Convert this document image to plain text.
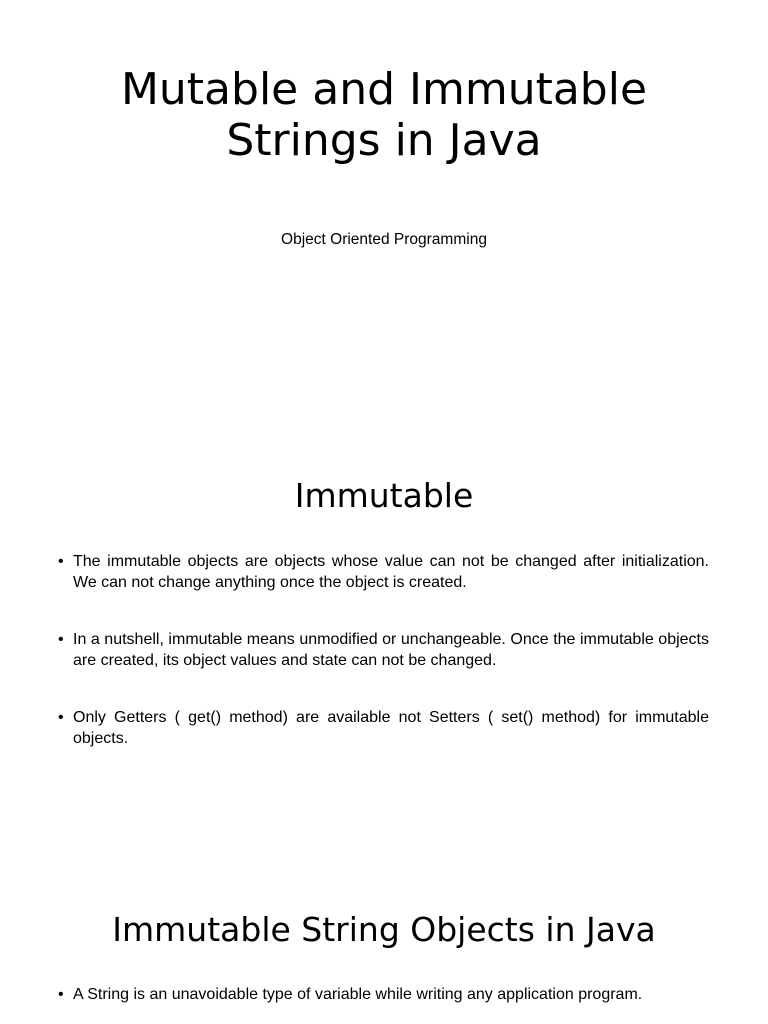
Mutable and Immutable Strings in Java

Object Oriented Programming

Immutable
• The immutable objects are objects whose value can not be changed after initialization. We can not change anything once the object is created.
• In a nutshell, immutable means unmodified or unchangeable. Once the immutable objects are created, its object values and state can not be changed.
• Only Getters ( get() method) are available not Setters ( set() method) for immutable objects.
Immutable String Objects in Java
• A String is an unavoidable type of variable while writing any application program.
